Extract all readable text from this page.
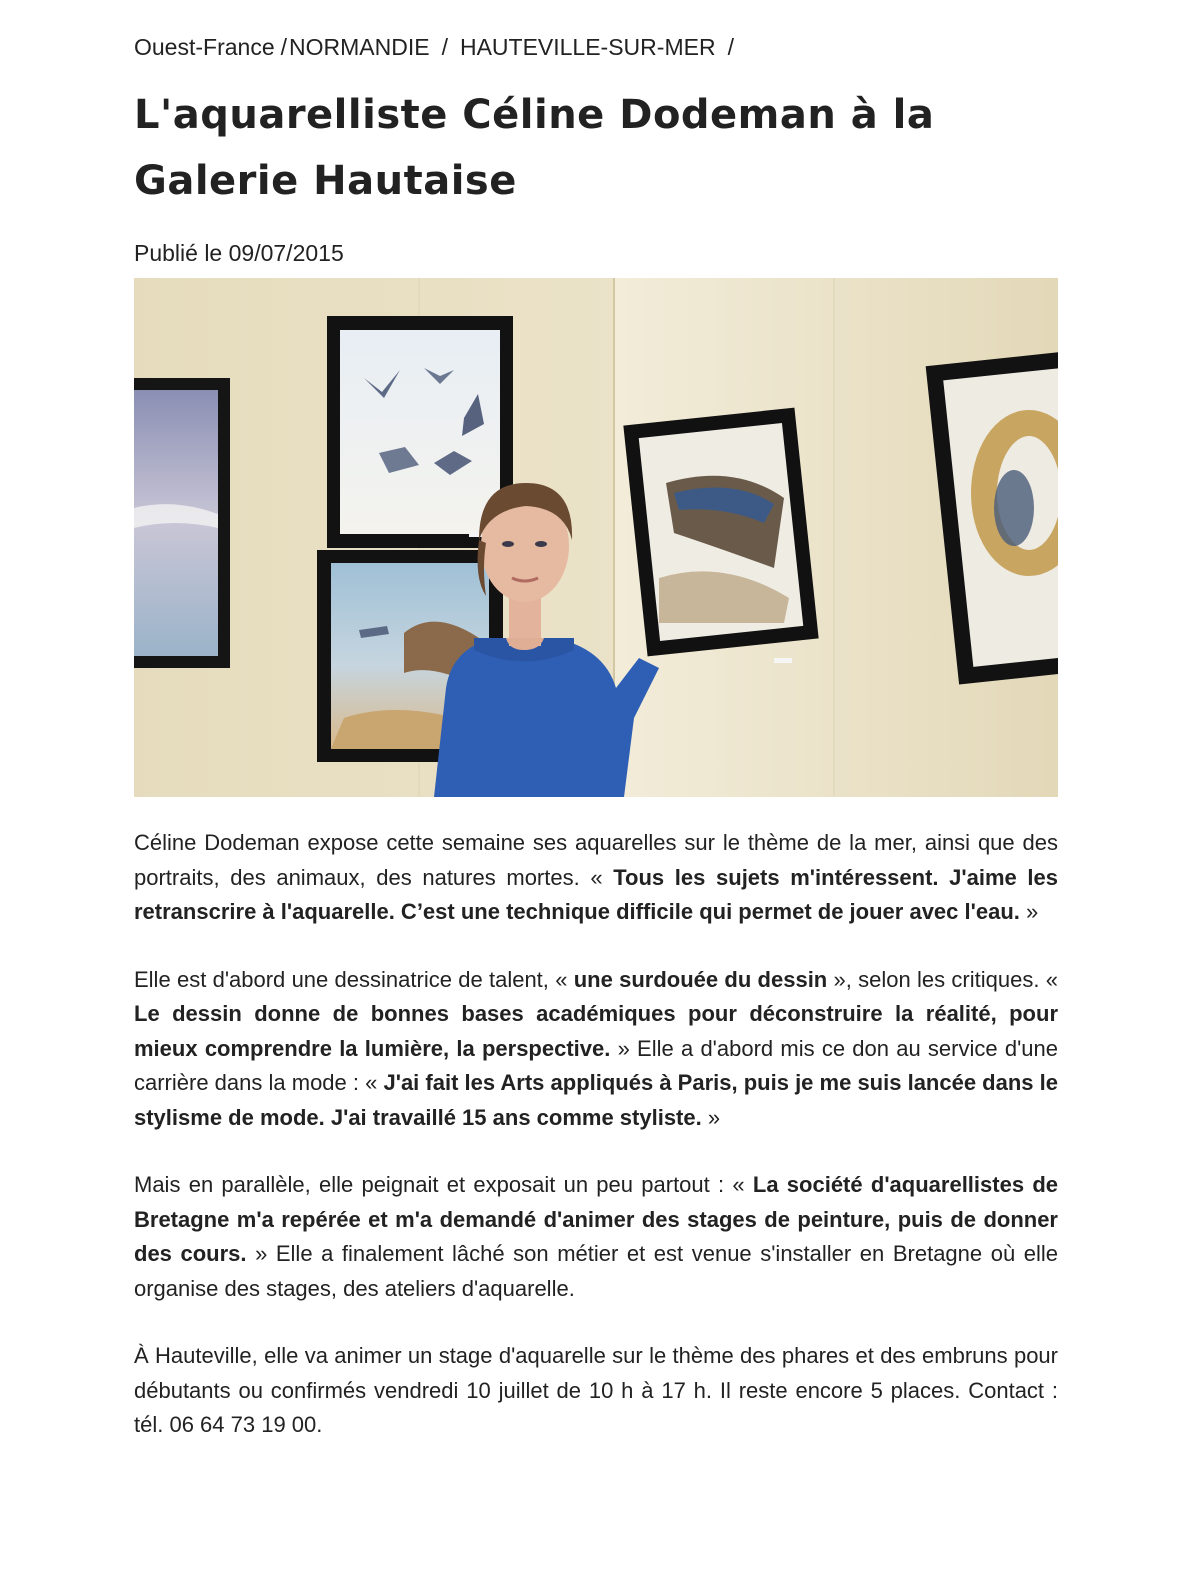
Ouest-France /NORMANDIE / HAUTEVILLE-SUR-MER /
L'aquarelliste Céline Dodeman à la Galerie Hautaise
Publié le 09/07/2015

Céline Dodeman expose cette semaine ses aquarelles sur le thème de la mer, ainsi que des portraits, des animaux, des natures mortes. « Tous les sujets m'intéressent. J'aime les retranscrire à l'aquarelle. C’est une technique difficile qui permet de jouer avec l'eau. »

Elle est d'abord une dessinatrice de talent, « une surdouée du dessin », selon les critiques. « Le dessin donne de bonnes bases académiques pour déconstruire la réalité, pour mieux comprendre la lumière, la perspective. » Elle a d'abord mis ce don au service d'une carrière dans la mode : « J'ai fait les Arts appliqués à Paris, puis je me suis lancée dans le stylisme de mode. J'ai travaillé 15 ans comme styliste. »

Mais en parallèle, elle peignait et exposait un peu partout : « La société d'aquarellistes de Bretagne m'a repérée et m'a demandé d'animer des stages de peinture, puis de donner des cours. » Elle a finalement lâché son métier et est venue s'installer en Bretagne où elle organise des stages, des ateliers d'aquarelle.

À Hauteville, elle va animer un stage d'aquarelle sur le thème des phares et des embruns pour débutants ou confirmés vendredi 10 juillet de 10 h à 17 h. Il reste encore 5 places. Contact : tél. 06 64 73 19 00.
